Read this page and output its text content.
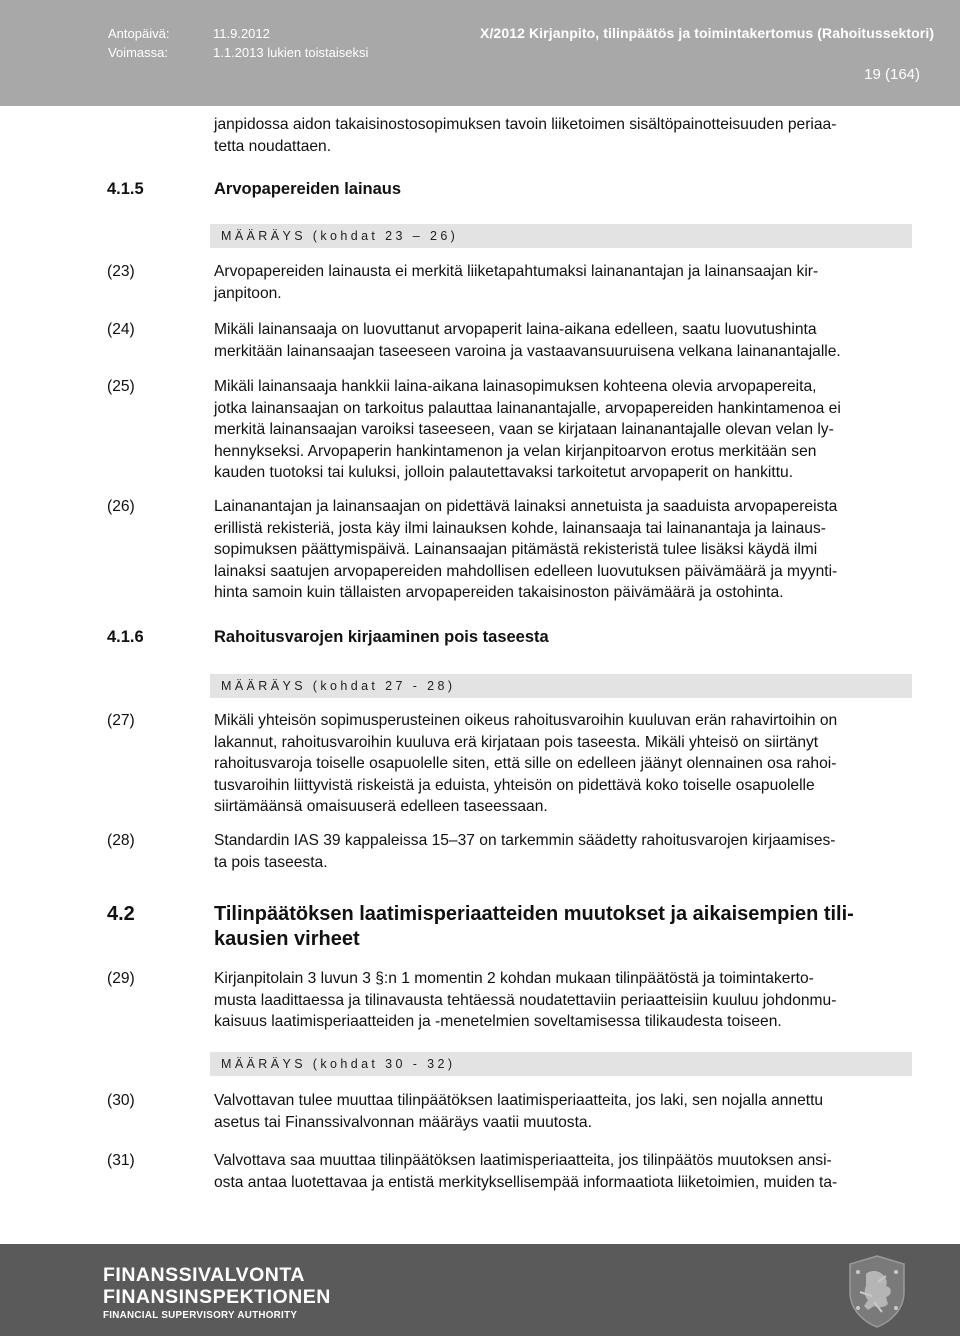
Antopäivä:
Voimassa:
11.9.2012
1.1.2013 lukien toistaiseksi
X/2012 Kirjanpito, tilinpäätös ja toimintakertomus (Rahoitussektori)
19 (164)
janpidossa aidon takaisinostosopimuksen tavoin liiketoimen sisältöpainotteisuuden periaa-
tetta noudattaen.
4.1.5	Arvopapereiden lainaus
MÄÄRÄYS (kohdat 23 – 26)
(23)	Arvopapereiden lainausta ei merkitä liiketapahtumaksi lainanantajan ja lainansaajan kir-
janpitoon.
(24)	Mikäli lainansaaja on luovuttanut arvopaperit laina-aikana edelleen, saatu luovutushinta
merkitään lainansaajan taseeseen varoina ja vastaavansuuruisena velkana lainanantajalle.
(25)	Mikäli lainansaaja hankkii laina-aikana lainasopimuksen kohteena olevia arvopapereita,
jotka lainansaajan on tarkoitus palauttaa lainanantajalle, arvopapereiden hankintamenoa ei
merkitä lainansaajan varoiksi taseeseen, vaan se kirjataan lainanantajalle olevan velan ly-
hennykseksi. Arvopaperin hankintamenon ja velan kirjanpitoarvon erotus merkitään sen
kauden tuotoksi tai kuluksi, jolloin palautettavaksi tarkoitetut arvopaperit on hankittu.
(26)	Lainanantajan ja lainansaajan on pidettävä lainaksi annetuista ja saaduista arvopapereista
erillistä rekisteriä, josta käy ilmi lainauksen kohde, lainansaaja tai lainanantaja ja lainaus-
sopimuksen päättymispäivä. Lainansaajan pitämästä rekisteristä tulee lisäksi käydä ilmi
lainaksi saatujen arvopapereiden mahdollisen edelleen luovutuksen päivämäärä ja myynti-
hinta samoin kuin tällaisten arvopapereiden takaisinoston päivämäärä ja ostohinta.
4.1.6	Rahoitusvarojen kirjaaminen pois taseesta
MÄÄRÄYS (kohdat 27 - 28)
(27)	Mikäli yhteisön sopimusperusteinen oikeus rahoitusvaroihin kuuluvan erän rahavirtoihin on
lakannut, rahoitusvaroihin kuuluva erä kirjataan pois taseesta. Mikäli yhteisö on siirtänyt
rahoitusvaroja toiselle osapuolelle siten, että sille on edelleen jäänyt olennainen osa rahoi-
tusvaroihin liittyvistä riskeistä ja eduista, yhteisön on pidettävä koko toiselle osapuolelle
siirtämäänsä omaisuuserä edelleen taseessaan.
(28)	Standardin IAS 39 kappaleissa 15–37 on tarkemmin säädetty rahoitusvarojen kirjaamises-
ta pois taseesta.
4.2	Tilinpäätöksen laatimisperiaatteiden muutokset ja aikaisempien tili-
kausien virheet
(29)	Kirjanpitolain 3 luvun 3 §:n 1 momentin 2 kohdan mukaan tilinpäätöstä ja toimintakerto-
musta laadittaessa ja tilinavausta tehtäessä noudatettaviin periaatteisiin kuuluu johdonmu-
kaisuus laatimisperiaatteiden ja -menetelmien soveltamisessa tilikaudesta toiseen.
MÄÄRÄYS (kohdat 30 - 32)
(30)	Valvottavan tulee muuttaa tilinpäätöksen laatimisperiaatteita, jos laki, sen nojalla annettu
asetus tai Finanssivalvonnan määräys vaatii muutosta.
(31)	Valvottava saa muuttaa tilinpäätöksen laatimisperiaatteita, jos tilinpäätös muutoksen ansi-
osta antaa luotettavaa ja entistä merkityksellisempää informaatiota liiketoimien, muiden ta-
FINANSSIVALVONTA
FINANSINSPEKTIONEN
FINANCIAL SUPERVISORY AUTHORITY
